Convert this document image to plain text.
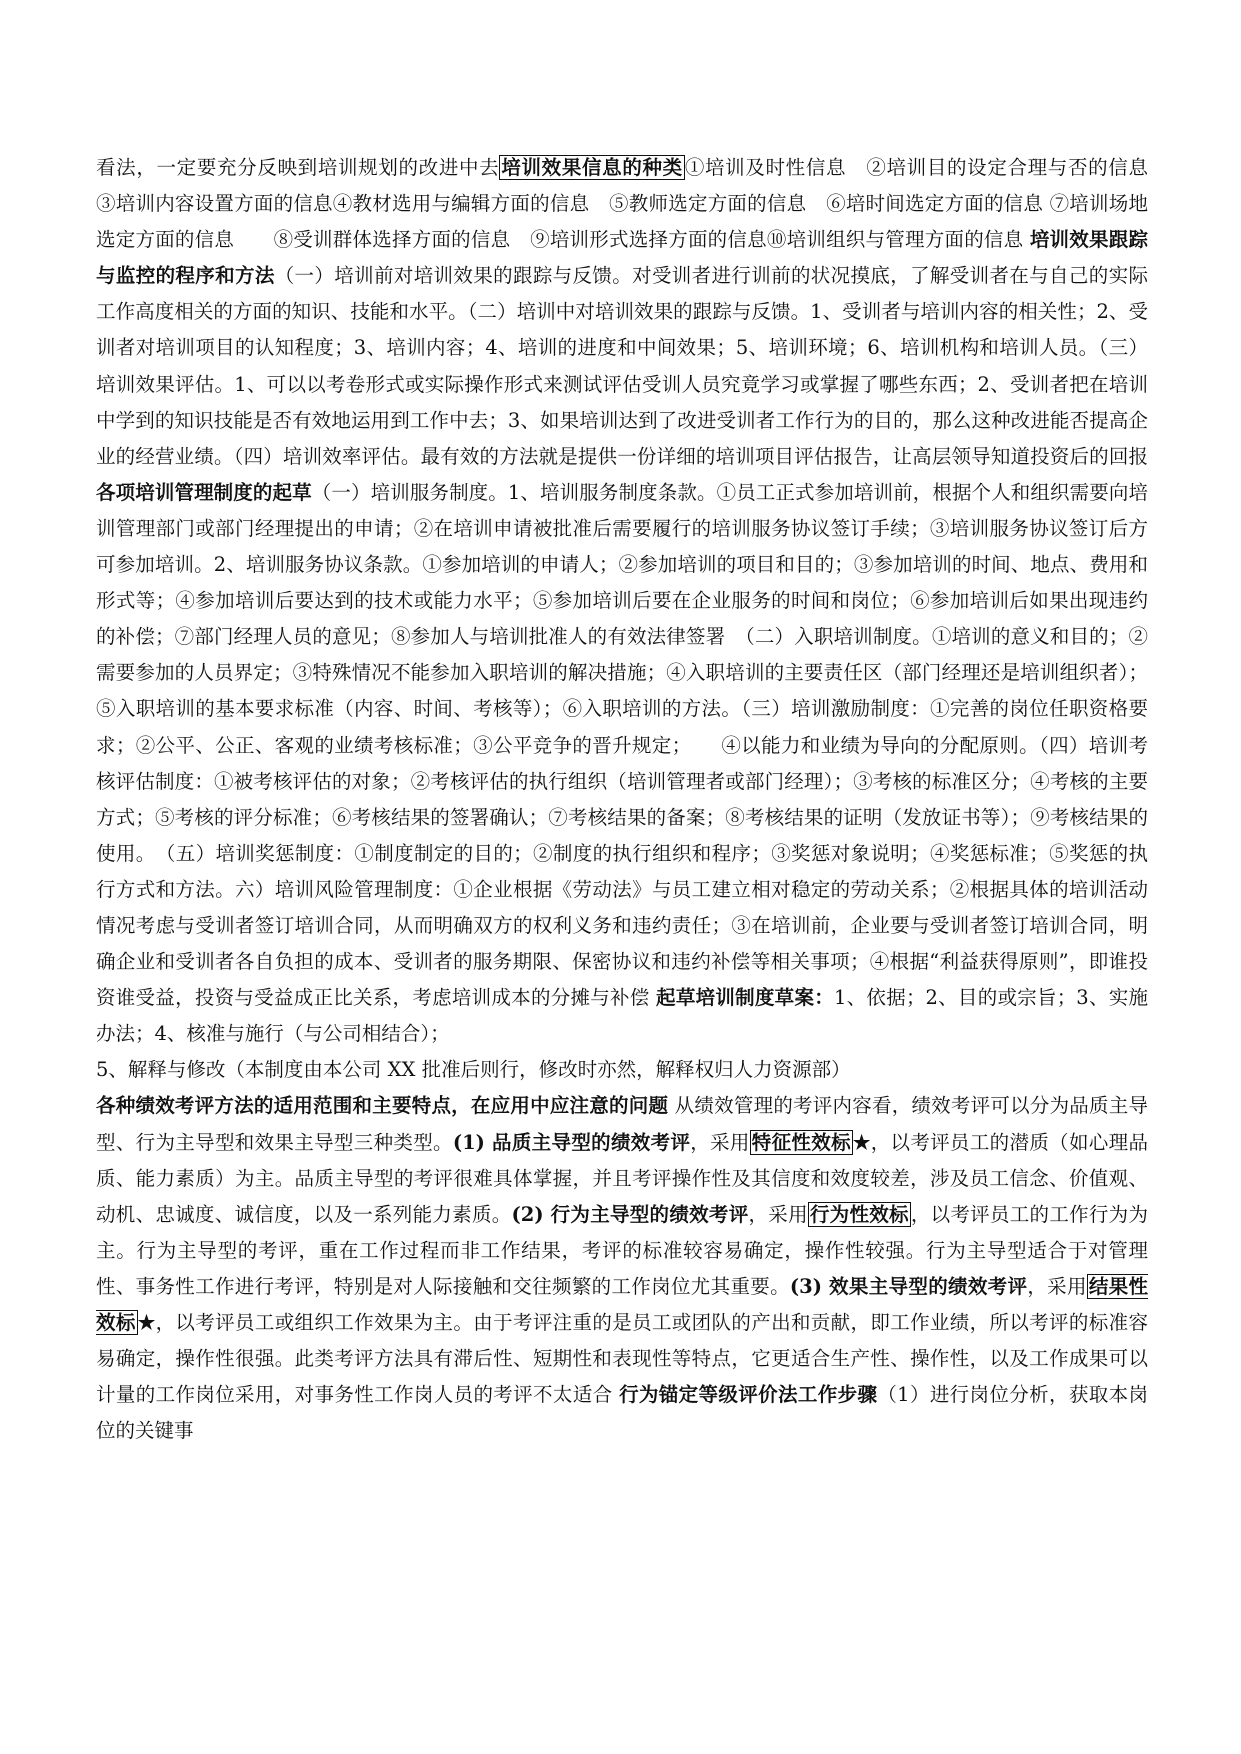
看法，一定要充分反映到培训规划的改进中去 培训效果信息的种类 ①培训及时性信息　②培训目的设定合理与否的信息　③培训内容设置方面的信息④教材选用与编辑方面的信息　⑤教师选定方面的信息　⑥培时间选定方面的信息 ⑦培训场地选定方面的信息　　⑧受训群体选择方面的信息　⑨培训形式选择方面的信息⑩培训组织与管理方面的信息 培训效果跟踪与监控的程序和方法（一）培训前对培训效果的跟踪与反馈。对受训者进行训前的状况摸底，了解受训者在与自己的实际工作高度相关的方面的知识、技能和水平。（二）培训中对培训效果的跟踪与反馈。1、受训者与培训内容的相关性；2、受训者对培训项目的认知程度；3、培训内容；4、培训的进度和中间效果；5、培训环境；6、培训机构和培训人员。（三）培训效果评估。1、可以以考卷形式或实际操作形式来测试评估受训人员究竟学习或掌握了哪些东西；2、受训者把在培训中学到的知识技能是否有效地运用到工作中去；3、如果培训达到了改进受训者工作行为的目的，那么这种改进能否提高企业的经营业绩。（四）培训效率评估。最有效的方法就是提供一份详细的培训项目评估报告，让高层领导知道投资后的回报各项培训管理制度的起草（一）培训服务制度。1、培训服务制度条款。①员工正式参加培训前，根据个人和组织需要向培训管理部门或部门经理提出的申请；②在培训申请被批准后需要履行的培训服务协议签订手续；③培训服务协议签订后方可参加培训。2、培训服务协议条款。①参加培训的申请人；②参加培训的项目和目的；③参加培训的时间、地点、费用和形式等；④参加培训后要达到的技术或能力水平；⑤参加培训后要在企业服务的时间和岗位；⑥参加培训后如果出现违约的补偿；⑦部门经理人员的意见；⑧参加人与培训批准人的有效法律签署　（二）入职培训制度。①培训的意义和目的；②需要参加的人员界定；③特殊情况不能参加入职培训的解决措施；④入职培训的主要责任区（部门经理还是培训组织者）；⑤入职培训的基本要求标准（内容、时间、考核等）；⑥入职培训的方法。（三）培训激励制度：①完善的岗位任职资格要求；②公平、公正、客观的业绩考核标准；③公平竞争的晋升规定；　　④以能力和业绩为导向的分配原则。（四）培训考核评估制度：①被考核评估的对象；②考核评估的执行组织（培训管理者或部门经理）；③考核的标准区分；④考核的主要方式；⑤考核的评分标准；⑥考核结果的签署确认；⑦考核结果的备案；⑧考核结果的证明（发放证书等）；⑨考核结果的使用。　（五）培训奖惩制度：①制度制定的目的；②制度的执行组织和程序；③奖惩对象说明；④奖惩标准；⑤奖惩的执行方式和方法。六）培训风险管理制度：①企业根据《劳动法》与员工建立相对稳定的劳动关系；②根据具体的培训活动情况考虑与受训者签订培训合同，从而明确双方的权利义务和违约责任；③在培训前，企业要与受训者签订培训合同，明确企业和受训者各自负担的成本、受训者的服务期限、保密协议和违约补偿等相关事项；④根据“利益获得原则”，即谁投资谁受益，投资与受益成正比关系，考虑培训成本的分摊与补偿 起草培训制度草案：1、依据；2、目的或宗旨；3、实施办法；4、核准与施行（与公司相结合）；

5、解释与修改（本制度由本公司 XX 批准后则行，修改时亦然，解释权归人力资源部）

各种绩效考评方法的适用范围和主要特点，在应用中应注意的问题 从绩效管理的考评内容看，绩效考评可以分为品质主导型、行为主导型和效果主导型三种类型。(1) 品质主导型的绩效考评，采用 特征性效标 ★，以考评员工的潜质（如心理品质、能力素质）为主。品质主导型的考评很难具体掌握，并且考评操作性及其信度和效度较差，涉及员工信念、价值观、动机、忠诚度、诚信度，以及一系列能力素质。(2) 行为主导型的绩效考评，采用 行为性效标 ，以考评员工的工作行为为主。行为主导型的考评，重在工作过程而非工作结果，考评的标准较容易确定，操作性较强。行为主导型适合于对管理性、事务性工作进行考评，特别是对人际接触和交往频繁的工作岗位尤其重要。(3) 效果主导型的绩效考评，采用 结果性效标 ★，以考评员工或组织工作效果为主。由于考评注重的是员工或团队的产出和贡献，即工作业绩，所以考评的标准容易确定，操作性很强。此类考评方法具有滞后性、短期性和表现性等特点，它更适合生产性、操作性，以及工作成果可以计量的工作岗位采用，对事务性工作岗人员的考评不太适合 行为锚定等级评价法工作步骤（1）进行岗位分析，获取本岗位的关键事
